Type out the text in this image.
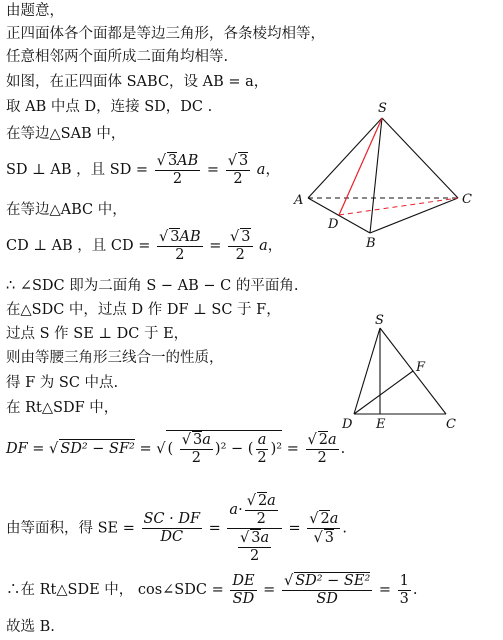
由题意，
正四面体各个面都是等边三角形，各条棱均相等，
任意相邻两个面所成二面角均相等.
如图，在正四面体 SABC，设 AB = a，
取 AB 中点 D，连接 SD，DC .
在等边△SAB 中，
SD ⊥ AB ，且 SD = $\frac{√ 3AB}{2} = \frac{√ 3}{2}$ a，
在等边△ABC 中，
CD ⊥ AB ，且 CD = $\frac{√ 3AB}{2} = \frac{√ 3}{2}$ a，
∴ ∠SDC 即为二面角 S − AB − C 的平面角.
在△SDC 中，过点 D 作 DF ⊥ SC 于 F，
过点 S 作 SE ⊥ DC 于 E，
则由等腰三角形三线合一的性质，
得 F 为 SC 中点.
在 Rt△SDF 中，
DF = √ SD² − SF² = √ ( $\frac{√ 3a}{2} )^2$ − ( $\frac{a}{2} )^2 = \frac{√ 2a}{2}$ .
由等面积，得 SE = $\frac{SC \cdot DF}{DC} = \frac{a\cdot \frac{√ 2a}{2}}{\frac{√ 3a}{2}} = \frac{√ 2a}{√ 3}$ .
∴在 Rt△SDE 中， cos∠SDC = $\frac{DE}{SD} = \frac{\text{√ SD² − SE²}}{SD} = \frac{1}{3}$ .
故选 B.
S
A	C
D
B
S
F
D E	C
